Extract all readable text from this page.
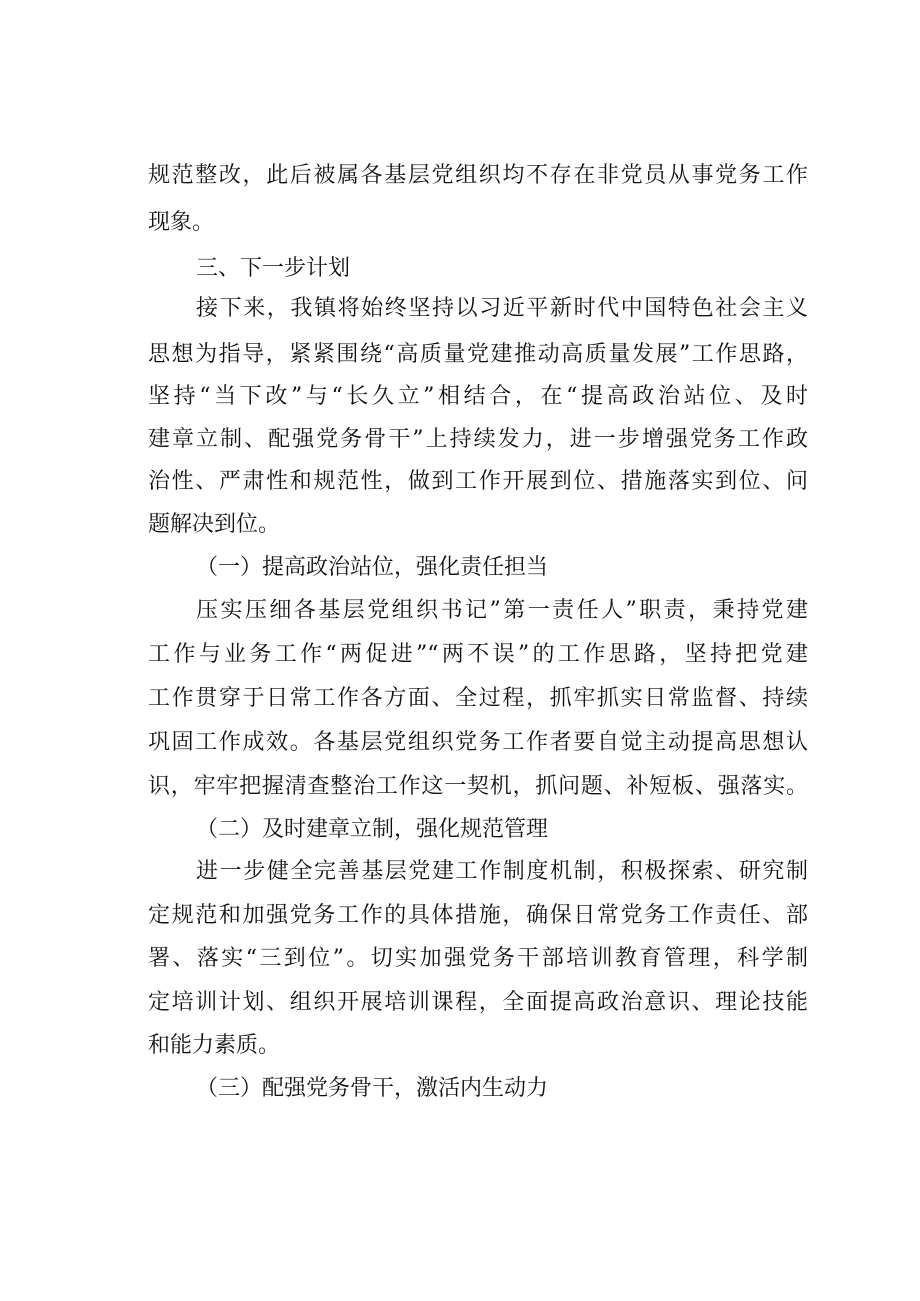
规范整改，此后被属各基层党组织均不存在非党员从事党务工作
现象。
三、下一步计划
接下来，我镇将始终坚持以习近平新时代中国特色社会主义
思想为指导，紧紧围绕“高质量党建推动高质量发展”工作思路，
坚持“当下改”与“长久立”相结合，在“提高政治站位、及时
建章立制、配强党务骨干”上持续发力，进一步增强党务工作政
治性、严肃性和规范性，做到工作开展到位、措施落实到位、问
题解决到位。
（一）提高政治站位，强化责任担当
压实压细各基层党组织书记”第一责任人”职责，秉持党建
工作与业务工作“两促进”“两不误”的工作思路，坚持把党建
工作贯穿于日常工作各方面、全过程，抓牢抓实日常监督、持续
巩固工作成效。各基层党组织党务工作者要自觉主动提高思想认
识，牢牢把握清查整治工作这一契机，抓问题、补短板、强落实。
（二）及时建章立制，强化规范管理
进一步健全完善基层党建工作制度机制，积极探索、研究制
定规范和加强党务工作的具体措施，确保日常党务工作责任、部
署、落实“三到位”。切实加强党务干部培训教育管理，科学制
定培训计划、组织开展培训课程，全面提高政治意识、理论技能
和能力素质。
（三）配强党务骨干，激活内生动力
